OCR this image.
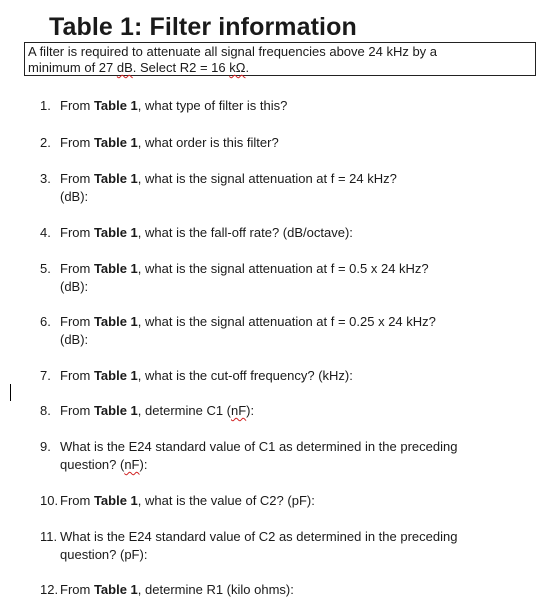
Table 1: Filter information
A filter is required to attenuate all signal frequencies above 24 kHz by a
minimum of 27 dB. Select R2 = 16 kΩ.
1. From Table 1, what type of filter is this?
2. From Table 1, what order is this filter?
3. From Table 1, what is the signal attenuation at f = 24 kHz?
(dB):
4. From Table 1, what is the fall-off rate? (dB/octave):
5. From Table 1, what is the signal attenuation at f = 0.5 x 24 kHz?
(dB):
6. From Table 1, what is the signal attenuation at f = 0.25 x 24 kHz?
(dB):
7. From Table 1, what is the cut-off frequency? (kHz):
8. From Table 1, determine C1 (nF):
9. What is the E24 standard value of C1 as determined in the preceding
question? (nF):
10. From Table 1, what is the value of C2? (pF):
11. What is the E24 standard value of C2 as determined in the preceding
question? (pF):
12. From Table 1, determine R1 (kilo ohms):
